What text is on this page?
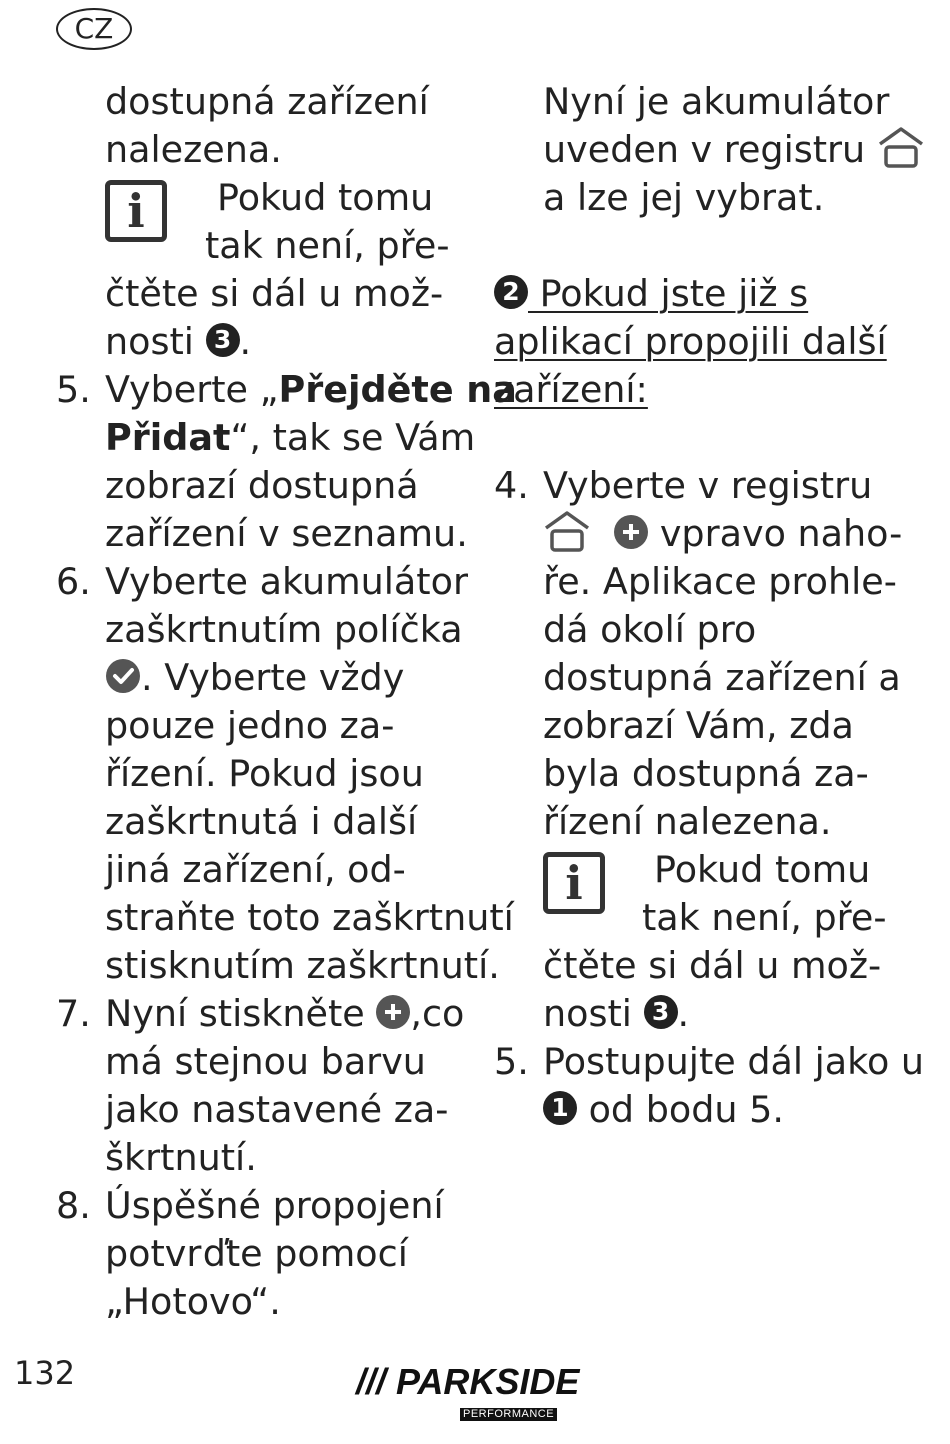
CZ
dostupná zařízení
nalezena.
i	Pokud tomu
tak není, pře-
čtěte si dál u mož-
nosti 3 .
5. Vyberte „Přejděte na
Přidat“, tak se Vám
zobrazí dostupná
zařízení v seznamu.
6. Vyberte akumulátor
zaškrtnutím políčka
. Vyberte vždy
pouze jedno za-
řízení. Pokud jsou
zaškrtnutá i další
jiná zařízení, od-
straňte toto zaškrtnutí
stisknutím zaškrtnutí.
7. Nyní stiskněte ,co
má stejnou barvu
jako nastavené za-
škrtnutí.
8. Úspěšné propojení
potvrďte pomocí
„Hotovo“.
Nyní je akumulátor
uveden v registru
a lze jej vybrat.
2 Pokud jste již s
aplikací propojili další
zařízení:
4. Vyberte v registru
vpravo naho-
ře. Aplikace prohle-
dá okolí pro
dostupná zařízení a
zobrazí Vám, zda
byla dostupná za-
řízení nalezena.
i	Pokud tomu
tak není, pře-
čtěte si dál u mož-
nosti 3 .
5. Postupujte dál jako u
1 od bodu 5.
132	/// PARKSIDE
PERFORMANCE
